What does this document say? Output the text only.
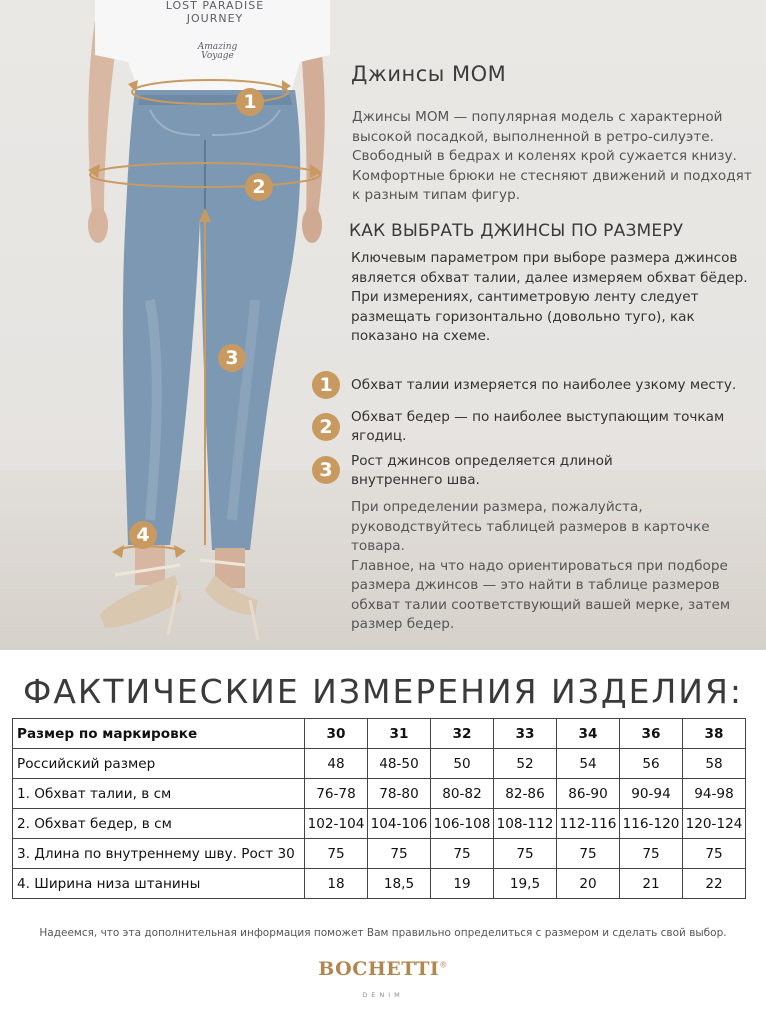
LOST PARADISE
JOURNEY
Amazing Voyage
1
2
3
4
Джинсы MOM
Джинсы MOM — популярная модель с характерной высокой посадкой, выполненной в ретро-силуэте. Свободный в бедрах и коленях крой сужается книзу. Комфортные брюки не стесняют движений и подходят к разным типам фигур.
КАК ВЫБРАТЬ ДЖИНСЫ ПО РАЗМЕРУ
Ключевым параметром при выборе размера джинсов является обхват талии, далее измеряем обхват бёдер.
При измерениях, сантиметровую ленту следует размещать горизонтально (довольно туго), как показано на схеме.
1	Обхват талии измеряется по наиболее узкому месту.
2	Обхват бедер — по наиболее выступающим точкам ягодиц.
3	Рост джинсов определяется длиной внутреннего шва.
При определении размера, пожалуйста, руководствуйтесь таблицей размеров в карточке товара.
Главное, на что надо ориентироваться при подборе размера джинсов — это найти в таблице размеров обхват талии соответствующий вашей мерке, затем размер бедер.
ФАКТИЧЕСКИЕ ИЗМЕРЕНИЯ ИЗДЕЛИЯ:
Размер по маркировке	30	31	32	33	34	36	38
Российский размер	48	48-50	50	52	54	56	58
1. Обхват талии, в см	76-78	78-80	80-82	82-86	86-90	90-94	94-98
2. Обхват бедер, в см	102-104	104-106	106-108	108-112	112-116	116-120	120-124
3. Длина по внутреннему шву. Рост 30	75	75	75	75	75	75	75
4. Ширина низа штанины	18	18,5	19	19,5	20	21	22
Надеемся, что эта дополнительная информация поможет Вам правильно определиться с размером и сделать свой выбор.
BOCHETTI®
DENIM
